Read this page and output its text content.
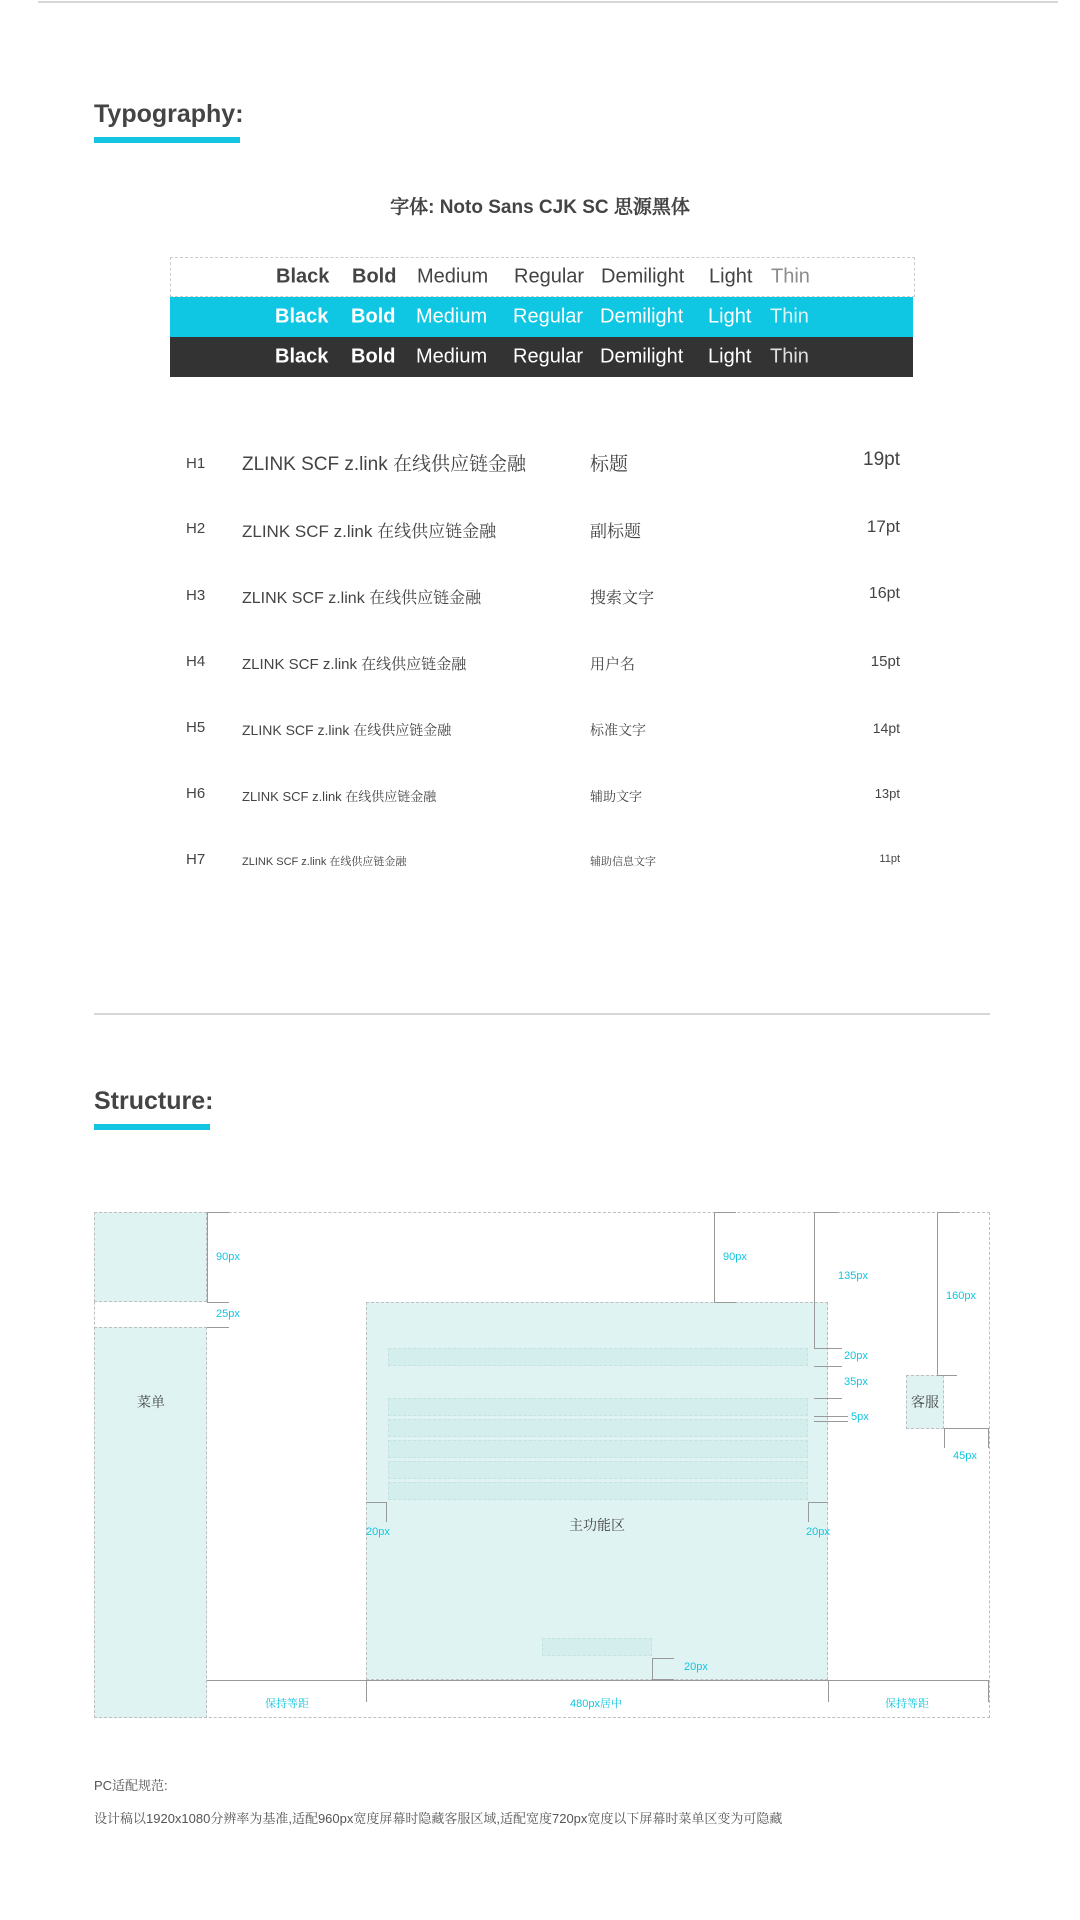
Typography:
字体: Noto Sans CJK SC 思源黑体
Black Bold Medium Regular Demilight Light Thin
Black Bold Medium Regular Demilight Light Thin
Black Bold Medium Regular Demilight Light Thin
H1 ZLINK SCF z.link 在线供应链金融	标题	19pt
H2 ZLINK SCF z.link 在线供应链金融	副标题	17pt
H3 ZLINK SCF z.link 在线供应链金融	搜索文字	16pt
H4 ZLINK SCF z.link 在线供应链金融	用户名	15pt
H5	ZLINK SCF z.link 在线供应链金融	标准文字	14pt
H6	ZLINK SCF z.link 在线供应链金融	辅助文字	13pt
H7	ZLINK SCF z.link 在线供应链金融	辅助信息文字	11pt
Structure:
菜单
90px
25px
主功能区
90px
135px
20px
35px
5px
客服
160px
45px
20px	20px
20px
保持等距	480px居中	保持等距
PC适配规范:
设计稿以1920x1080分辨率为基准,适配960px宽度屏幕时隐藏客服区域,适配宽度720px宽度以下屏幕时菜单区变为可隐藏
